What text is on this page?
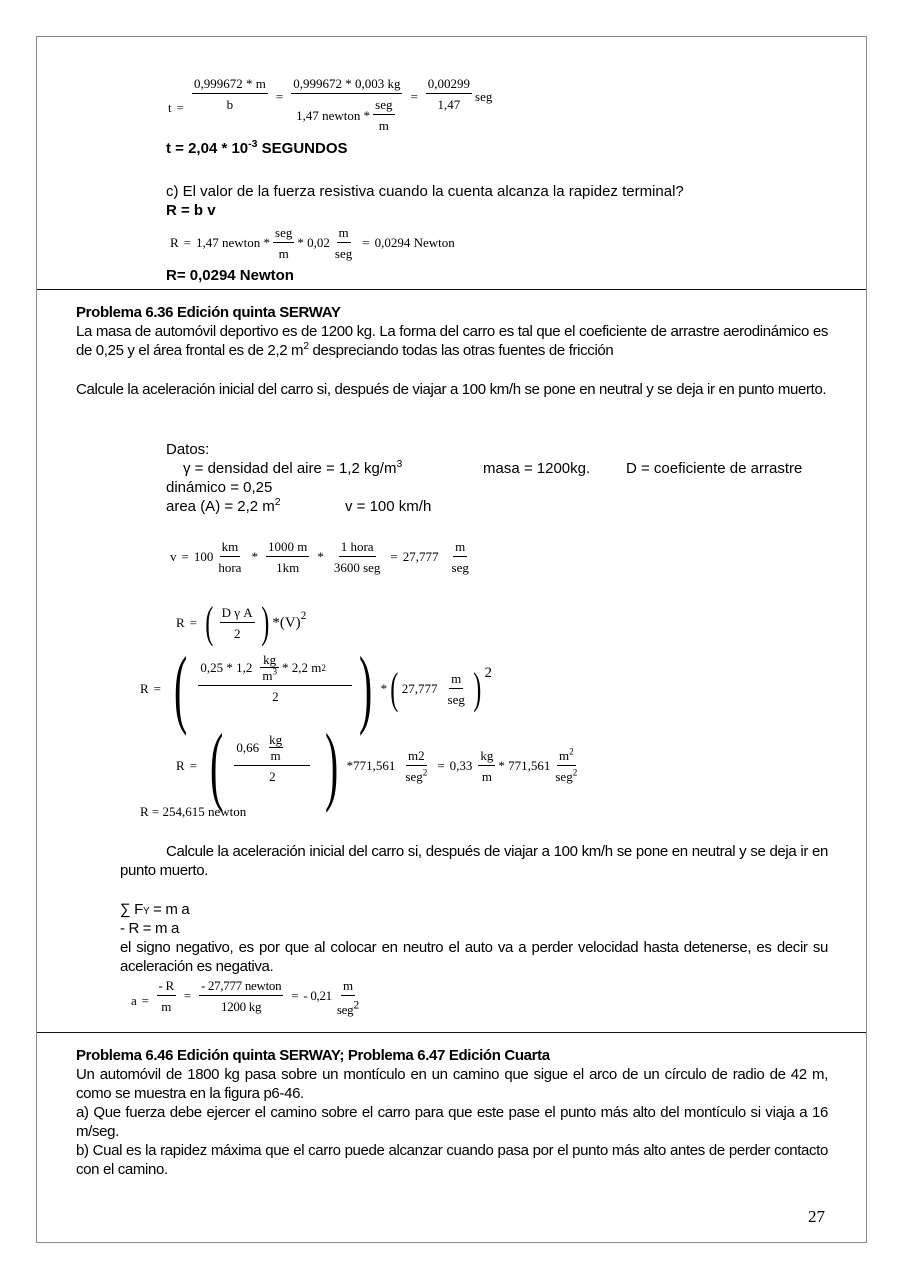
$t = \frac{0,999672 * m}{b} = \frac{0,999672 * 0,003 kg}{1,47 newton * \frac{\text{seg}}{m}} = \frac{0,00299}{1,47}$ seg
$t = 2,04 * 10^{-3}$ SEGUNDOS
c) El valor de la fuerza resistiva cuando la cuenta alcanza la rapidez terminal?
R = b v
R = 1,47 newton * $\frac{\text{seg}}{m} * 0,02 \frac{m}{\text{seg}} = 0,0294$ Newton
R= 0,0294 Newton
Problema 6.36 Edición quinta SERWAY
La masa de automóvil deportivo es de 1200 kg. La forma del carro es tal que el coeficiente de arrastre aerodinámico es de 0,25 y el área frontal es de 2,2 $m^2$ despreciando todas las otras fuentes de fricción
Calcule la aceleración inicial del carro si, después de viajar a 100 km/h se pone en neutral y se deja ir en punto muerto.
Datos:
γ = densidad del aire = 1,2 $kg/m^3$	masa = 1200kg. D = coeficiente de arrastre
dinámico = 0,25
area (A) = 2,2 $m^2$	v = 100 km/h
$v = 100 \frac{km}{\text{hora}} * \frac{1000 m}{1km} * \frac{\text{1 hora}}{\text{3600 seg}} = 27,777 \frac{m}{\text{seg}}$
R = ( $\frac{\text{D γ A}}{2}$ ) *(V) 2
R = ( $0,25 * 1,2 \frac{kg}{m^3} * 2,2$ m 2
2 ) * ( $27,777 \frac{m}{\text{seg}}$ ) 2
R = ( $\frac{0,66 \frac{kg}{m}}{2}$ ) $*771,561 \frac{m2}{seg^2} = 0,33 \frac{kg}{m} * 771,561 \frac{m^2}{seg^2}$
R = 254,615 newton
Calcule la aceleración inicial del carro si, después de viajar a 100 km/h se pone en neutral y se deja ir en punto muerto.
∑ FY = m a
- R = m a
el signo negativo, es por que al colocar en neutro el auto va a perder velocidad hasta detenerse, es decir su aceleración es negativa.
$a = \frac{- R}{m} = \frac{\text{- 27,777 newton}}{1200 kg}$ = - $0,21 \frac{m}{seg^2}$
Problema 6.46 Edición quinta SERWAY; Problema 6.47 Edición Cuarta
Un automóvil de 1800 kg pasa sobre un montículo en un camino que sigue el arco de un círculo de radio de 42 m, como se muestra en la figura p6-46.
a) Que fuerza debe ejercer el camino sobre el carro para que este pase el punto más alto del montículo si viaja a 16 m/seg.
b) Cual es la rapidez máxima que el carro puede alcanzar cuando pasa por el punto más alto antes de perder contacto con el camino.
27
